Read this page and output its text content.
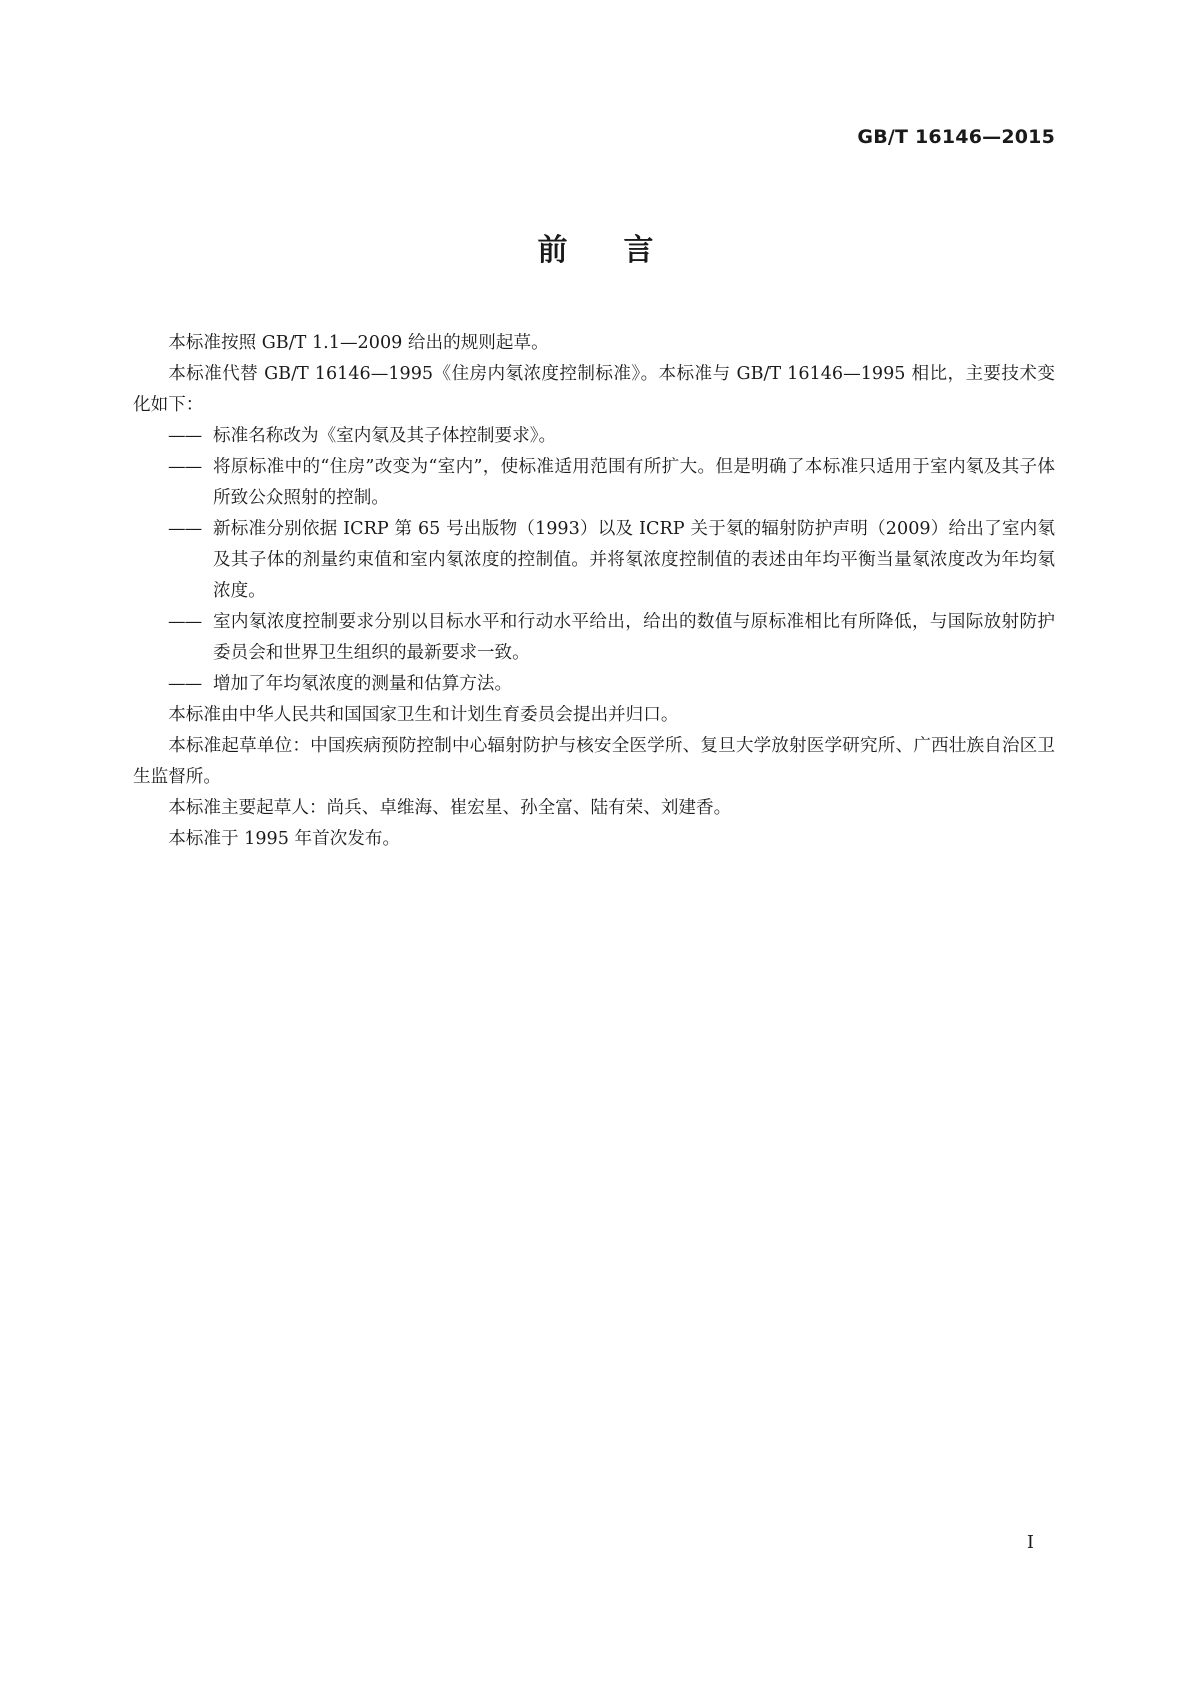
GB/T 16146—2015
前 言

本标准按照 GB/T 1.1—2009 给出的规则起草。

本标准代替 GB/T 16146—1995《住房内氡浓度控制标准》。本标准与 GB/T 16146—1995 相比，主要技术变化如下：

—— 标准名称改为《室内氡及其子体控制要求》。

—— 将原标准中的“住房”改变为“室内”，使标准适用范围有所扩大。但是明确了本标准只适用于室内氡及其子体所致公众照射的控制。

—— 新标准分别依据 ICRP 第 65 号出版物（1993）以及 ICRP 关于氡的辐射防护声明（2009）给出了室内氡及其子体的剂量约束值和室内氡浓度的控制值。并将氡浓度控制值的表述由年均平衡当量氡浓度改为年均氡浓度。

—— 室内氡浓度控制要求分别以目标水平和行动水平给出，给出的数值与原标准相比有所降低，与国际放射防护委员会和世界卫生组织的最新要求一致。

—— 增加了年均氡浓度的测量和估算方法。

本标准由中华人民共和国国家卫生和计划生育委员会提出并归口。

本标准起草单位：中国疾病预防控制中心辐射防护与核安全医学所、复旦大学放射医学研究所、广西壮族自治区卫生监督所。

本标准主要起草人：尚兵、卓维海、崔宏星、孙全富、陆有荣、刘建香。

本标准于 1995 年首次发布。

I
